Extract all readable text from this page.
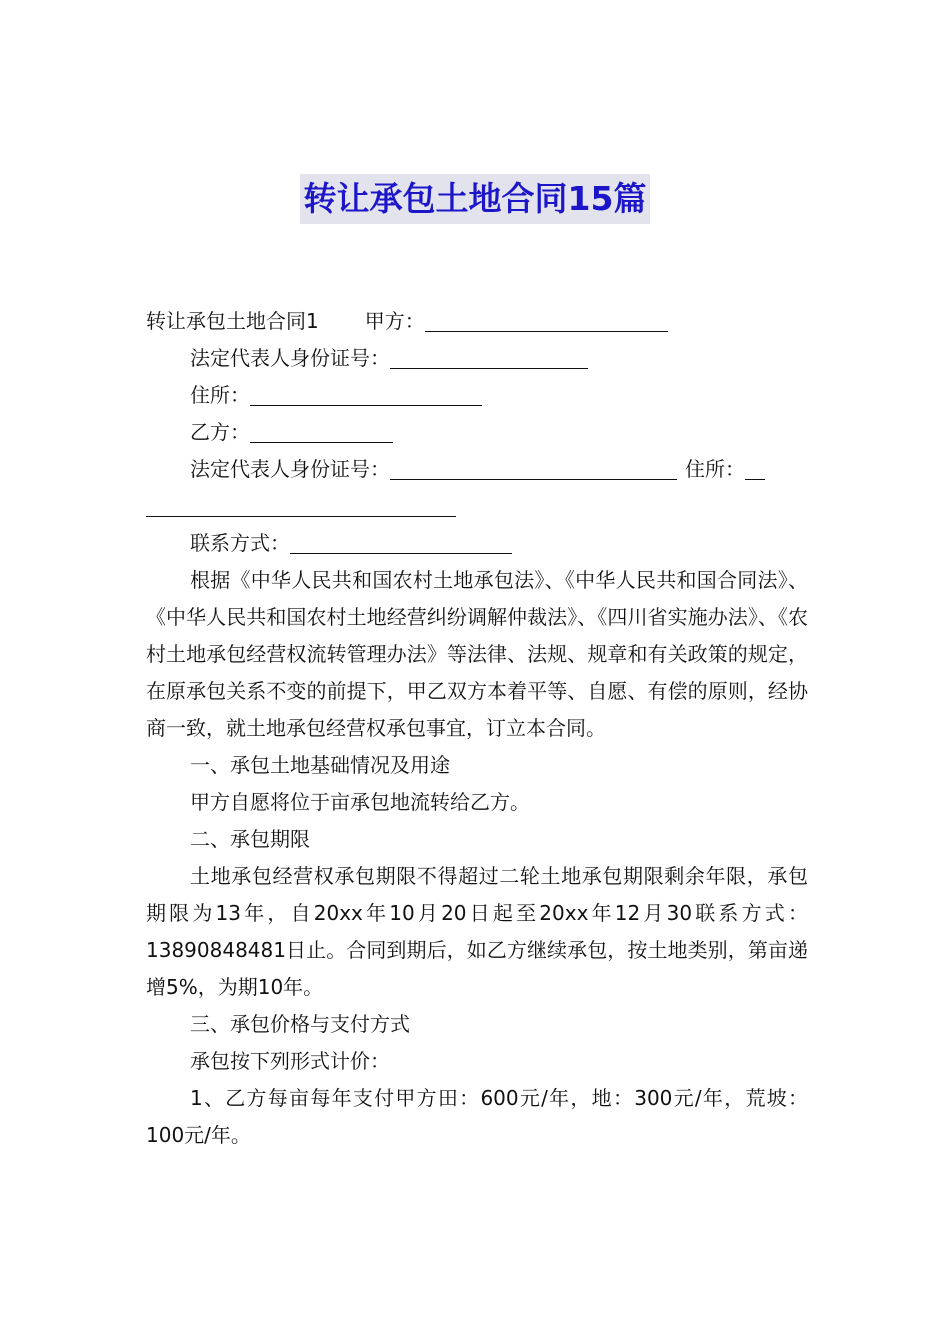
转让承包土地合同15篇
转让承包土地合同1 甲方：
法定代表人身份证号：
住所：
乙方：
法定代表人身份证号：	住所：
联系方式：
根据《中华人民共和国农村土地承包法》、《中华人民共和国合同法》、《中华人民共和国农村土地经营纠纷调解仲裁法》、《四川省实施办法》、《农村土地承包经营权流转管理办法》等法律、法规、规章和有关政策的规定，在原承包关系不变的前提下，甲乙双方本着平等、自愿、有偿的原则，经协商一致，就土地承包经营权承包事宜，订立本合同。
一、承包土地基础情况及用途
甲方自愿将位于亩承包地流转给乙方。
二、承包期限
土地承包经营权承包期限不得超过二轮土地承包期限剩余年限，承包期限为13年，自20xx年10月20日起至20xx年12月30联系方式：13890848481日止。合同到期后，如乙方继续承包，按土地类别，第亩递增5%，为期10年。
三、承包价格与支付方式
承包按下列形式计价：
1、乙方每亩每年支付甲方田：600元/年，地：300元/年，荒坡：100元/年。
